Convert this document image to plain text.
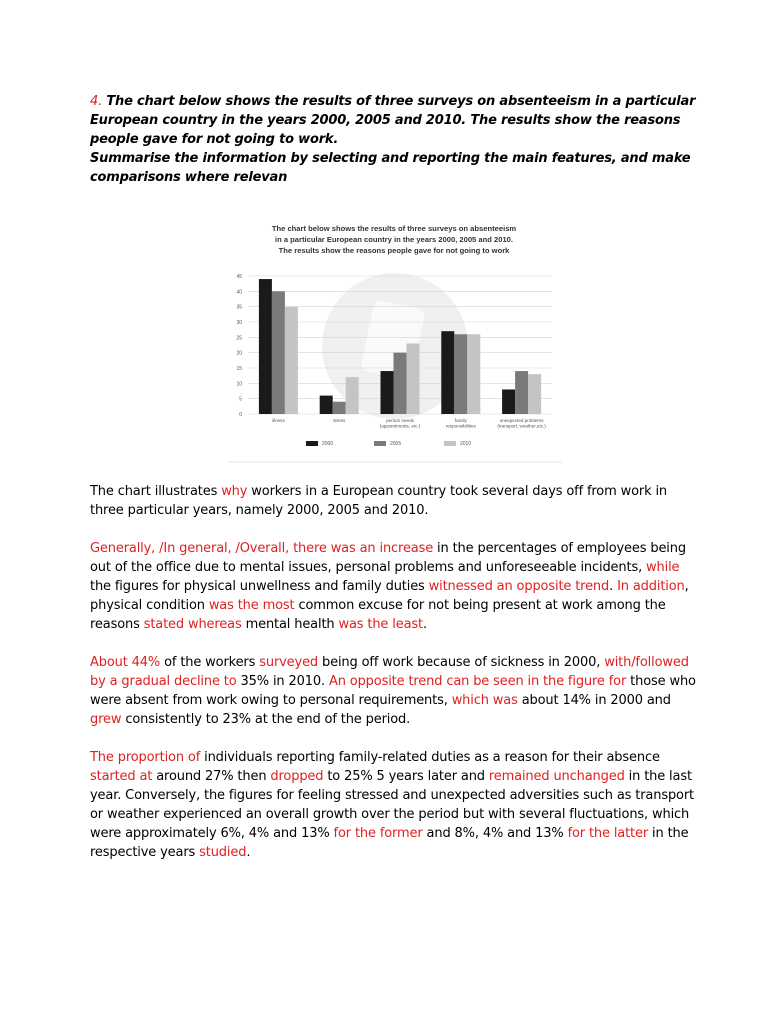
4. The chart below shows the results of three surveys on absenteeism in a particular European country in the years 2000, 2005 and 2010. The results show the reasons people gave for not going to work.

Summarise the information by selecting and reporting the main features, and make comparisons where relevan

The chart below shows the results of three surveys on absenteeism
in a particular European country in the years 2000, 2005 and 2010.
The results show the reasons people gave for not going to work
0
5
10
15
20
25
30
35
40
45
illness	stress	person needs
(appointments, etc.)
family
responsibilities
unexpected problems
(transport, weather,etc.)
2000	2005	2010

The chart illustrates why workers in a European country took several days off from work in three particular years, namely 2000, 2005 and 2010.

Generally, /In general, /Overall, there was an increase in the percentages of employees being out of the office due to mental issues, personal problems and unforeseeable incidents, while the figures for physical unwellness and family duties witnessed an opposite trend. In addition, physical condition was the most common excuse for not being present at work among the reasons stated whereas mental health was the least.

About 44% of the workers surveyed being off work because of sickness in 2000, with/followed by a gradual decline to 35% in 2010. An opposite trend can be seen in the figure for those who were absent from work owing to personal requirements, which was about 14% in 2000 and grew consistently to 23% at the end of the period.

The proportion of individuals reporting family-related duties as a reason for their absence started at around 27% then dropped to 25% 5 years later and remained unchanged in the last year. Conversely, the figures for feeling stressed and unexpected adversities such as transport or weather experienced an overall growth over the period but with several fluctuations, which were approximately 6%, 4% and 13% for the former and 8%, 4% and 13% for the latter in the respective years studied.
